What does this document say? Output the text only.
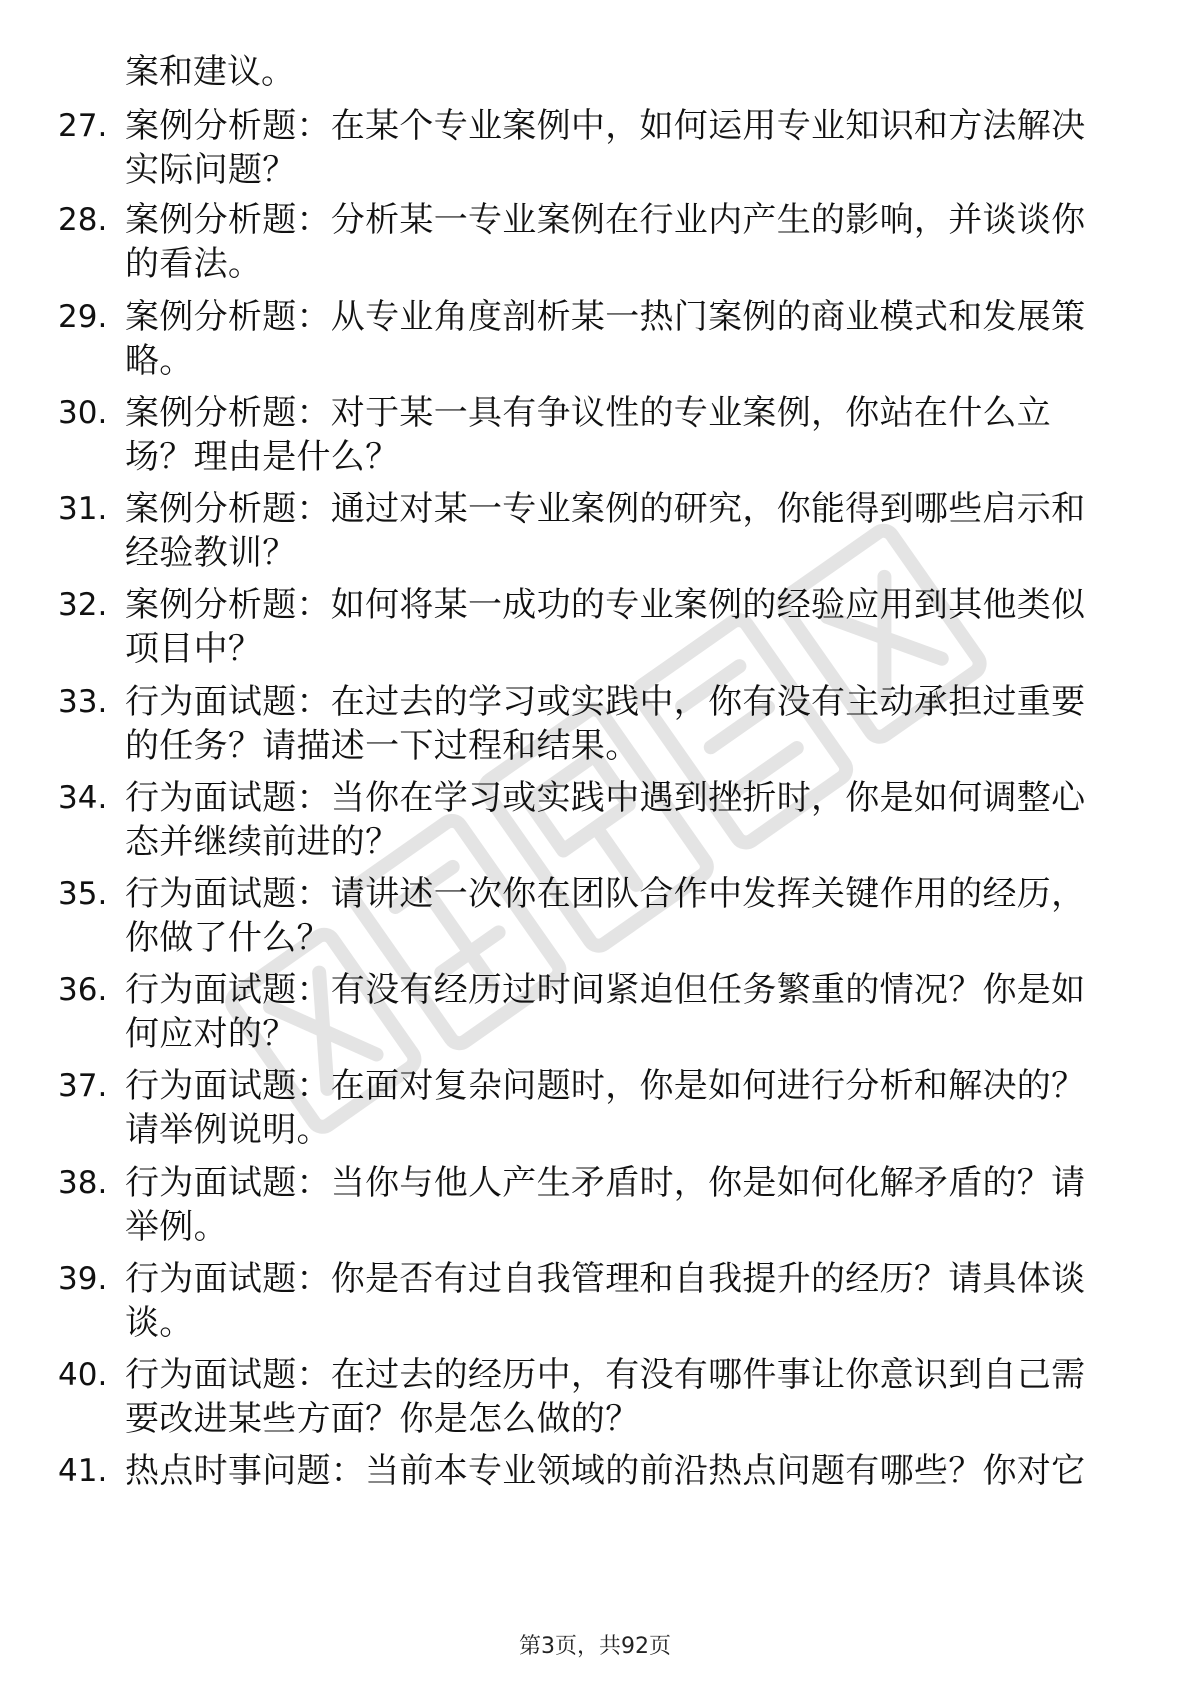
案和建议。

27. 案例分析题：在某个专业案例中，如何运用专业知识和方法解决
实际问题？
28. 案例分析题：分析某一专业案例在行业内产生的影响，并谈谈你
的看法。
29. 案例分析题：从专业角度剖析某一热门案例的商业模式和发展策
略。
30. 案例分析题：对于某一具有争议性的专业案例，你站在什么立
场？理由是什么？
31. 案例分析题：通过对某一专业案例的研究，你能得到哪些启示和
经验教训？
32. 案例分析题：如何将某一成功的专业案例的经验应用到其他类似
项目中？
33. 行为面试题：在过去的学习或实践中，你有没有主动承担过重要
的任务？请描述一下过程和结果。
34. 行为面试题：当你在学习或实践中遇到挫折时，你是如何调整心
态并继续前进的？
35. 行为面试题：请讲述一次你在团队合作中发挥关键作用的经历，
你做了什么？
36. 行为面试题：有没有经历过时间紧迫但任务繁重的情况？你是如
何应对的？
37. 行为面试题：在面对复杂问题时，你是如何进行分析和解决的？
请举例说明。
38. 行为面试题：当你与他人产生矛盾时，你是如何化解矛盾的？请
举例。
39. 行为面试题：你是否有过自我管理和自我提升的经历？请具体谈
谈。
40. 行为面试题：在过去的经历中，有没有哪件事让你意识到自己需
要改进某些方面？你是怎么做的？
41. 热点时事问题：当前本专业领域的前沿热点问题有哪些？你对它
第3页，共92页
